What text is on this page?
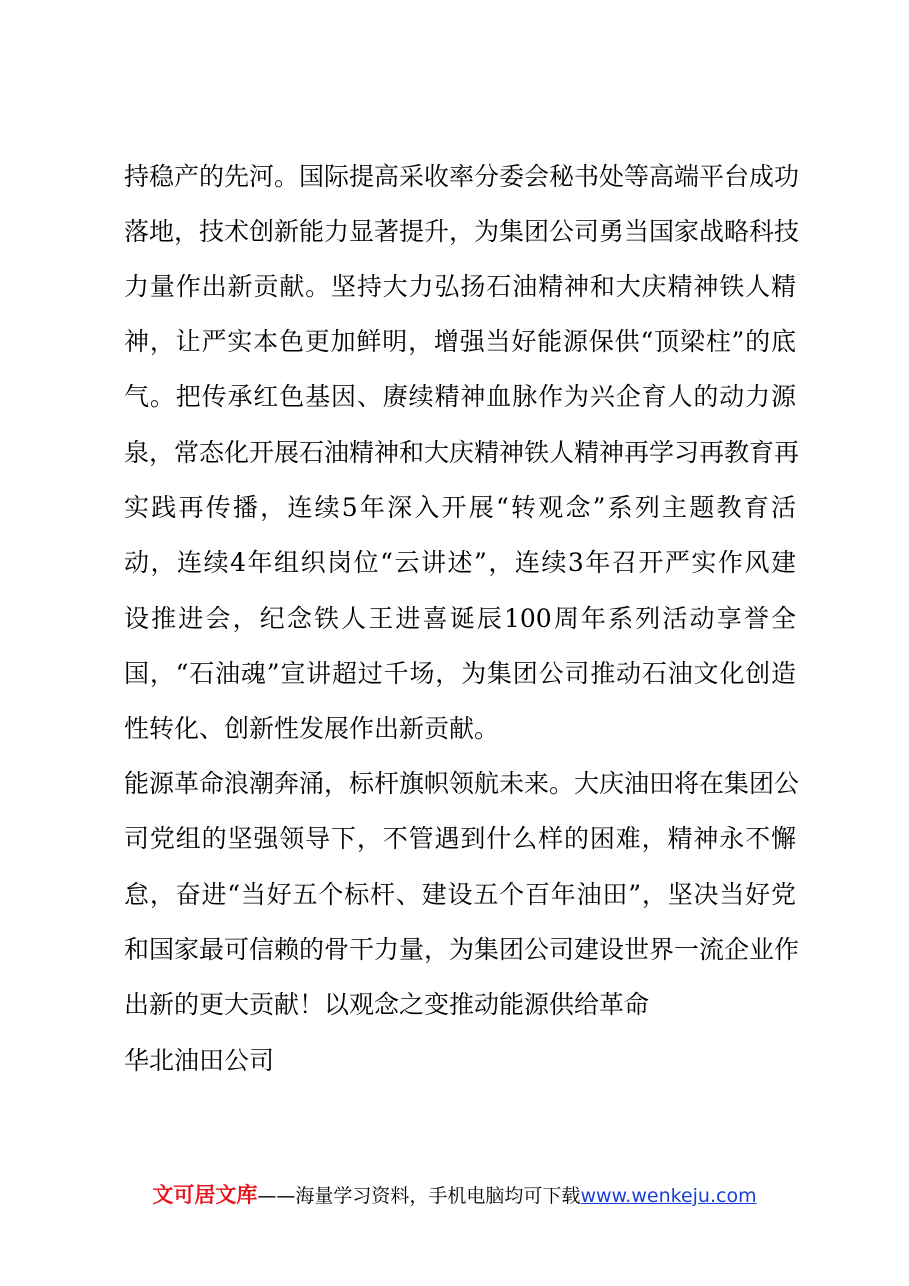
持稳产的先河。国际提高采收率分委会秘书处等高端平台成功
落地，技术创新能力显著提升，为集团公司勇当国家战略科技
力量作出新贡献。坚持大力弘扬石油精神和大庆精神铁人精
神，让严实本色更加鲜明，增强当好能源保供“顶梁柱”的底
气。把传承红色基因、赓续精神血脉作为兴企育人的动力源
泉，常态化开展石油精神和大庆精神铁人精神再学习再教育再
实践再传播，连续5年深入开展“转观念”系列主题教育活
动，连续4年组织岗位“云讲述”，连续3年召开严实作风建
设推进会，纪念铁人王进喜诞辰100周年系列活动享誉全
国，“石油魂”宣讲超过千场，为集团公司推动石油文化创造
性转化、创新性发展作出新贡献。
能源革命浪潮奔涌，标杆旗帜领航未来。大庆油田将在集团公
司党组的坚强领导下，不管遇到什么样的困难，精神永不懈
怠，奋进“当好五个标杆、建设五个百年油田”，坚决当好党
和国家最可信赖的骨干力量，为集团公司建设世界一流企业作
出新的更大贡献！以观念之变推动能源供给革命
华北油田公司
文可居文库——海量学习资料，手机电脑均可下载www.wenkeju.com
